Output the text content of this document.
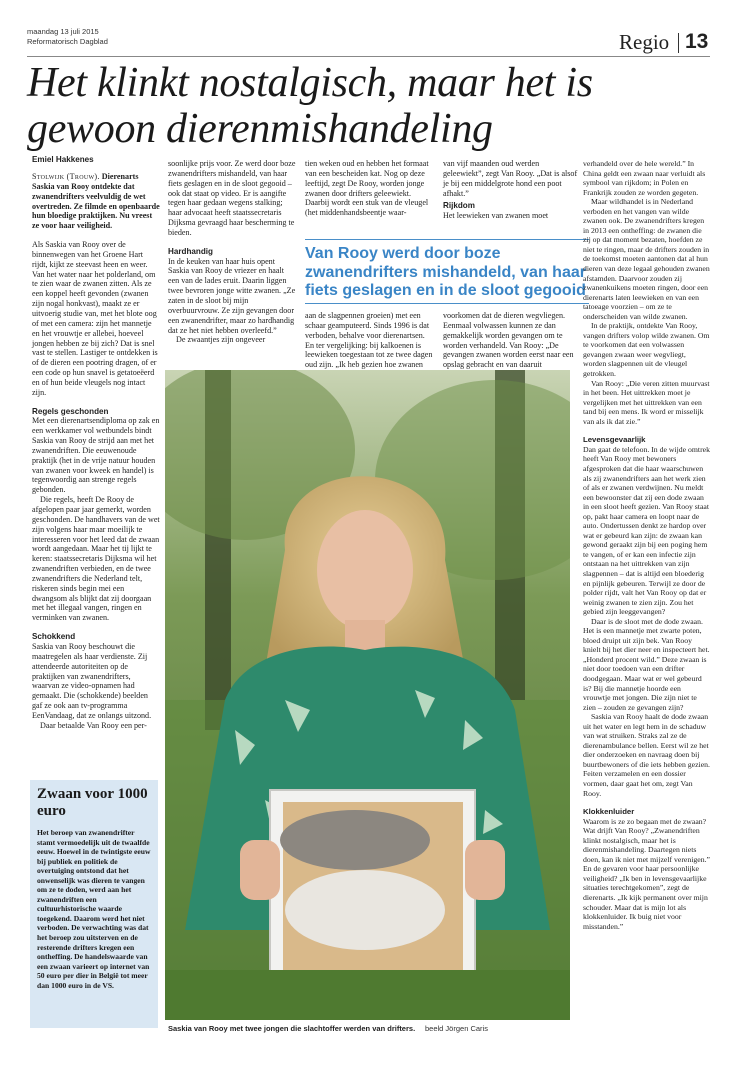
maandag 13 juli 2015
Reformatorisch Dagblad	Regio 13
Het klinkt nostalgisch, maar het is
gewoon dierenmishandeling
Emiel Hakkenes

Stolwijk (Trouw). Dierenarts Saskia van Rooy ontdekte dat zwanendrifters veelvuldig de wet overtreden. Ze filmde en openbaarde hun bloedige praktijken. Nu vreest ze voor haar veiligheid.

Als Saskia van Rooy over de binnenwegen van het Groene Hart rijdt, kijkt ze steevast heen en weer. Van het water naar het polderland, om te zien waar de zwanen zitten. Als ze een koppel heeft gevonden (zwanen zijn nogal honkvast), maakt ze er uitvoerig studie van, met het blote oog of met een camera: zijn het mannetje en het vrouwtje er allebei, hoeveel jongen hebben ze bij zich? Dat is snel vast te stellen. Lastiger te ontdekken is of de dieren een pootring dragen, of er een code op hun snavel is getatoeëerd en of hun beide vleugels nog intact zijn.

Regels geschonden

Met een dierenartsendiploma op zak en een werkkamer vol wetbundels bindt Saskia van Rooy de strijd aan met het zwanendriften. Die eeuwenoude praktijk (het in de vrije natuur houden van zwanen voor kweek en handel) is tegenwoordig aan strenge regels gebonden.

Die regels, heeft De Rooy de afgelopen paar jaar gemerkt, worden geschonden. De handhavers van de wet zijn volgens haar maar moeilijk te interesseren voor het leed dat de zwaan wordt aangedaan. Maar het tij lijkt te keren: staatssecretaris Dijksma wil het zwanendriften verbieden, en de twee zwanendrifters die Nederland telt, riskeren sinds begin mei een dwangsom als blijkt dat zij doorgaan met het illegaal vangen, ringen en verminken van zwanen.

Schokkend

Saskia van Rooy beschouwt die maatregelen als haar verdienste. Zij attendeerde autoriteiten op de praktijken van zwanendrifters, waarvan ze video-opnamen had gemaakt. Die (schokkende) beelden gaf ze ook aan tv-programma EenVandaag, dat ze onlangs uitzond.

Daar betaalde Van Rooy een per-

soonlijke prijs voor. Ze werd door boze zwanendrifters mishandeld, van haar fiets geslagen en in de sloot gegooid – ook dat staat op video. Er is aangifte tegen haar gedaan wegens stalking; haar advocaat heeft staatssecretaris Dijksma gevraagd haar bescherming te bieden.

Hardhandig

In de keuken van haar huis opent Saskia van Rooy de vriezer en haalt een van de lades eruit. Daarin liggen twee bevroren jonge witte zwanen. „Ze zaten in de sloot bij mijn overbuurvrouw. Ze zijn gevangen door een zwanendrifter, maar zo hardhandig dat ze het niet hebben overleefd.”

De zwaantjes zijn ongeveer

tien weken oud en hebben het formaat van een bescheiden kat. Nog op deze leeftijd, zegt De Rooy, worden jonge zwanen door drifters geleewiekt. Daarbij wordt een stuk van de vleugel (het middenhandsbeentje waar-

aan de slagpennen groeien) met een schaar geamputeerd. Sinds 1996 is dat verboden, behalve voor dierenartsen. En ter vergelijking: bij kalkoenen is leewieken toegestaan tot ze twee dagen oud zijn. „Ik heb gezien hoe zwanen

van vijf maanden oud werden geleewiekt”, zegt Van Rooy. „Dat is alsof je bij een middelgrote hond een poot afhakt.”

Rijkdom

Het leewieken van zwanen moet

voorkomen dat de dieren wegvliegen. Eenmaal volwassen kunnen ze dan gemakkelijk worden gevangen om te worden verhandeld. Van Rooy: „De gevangen zwanen worden eerst naar een opslag gebracht en van daaruit

Van Rooy werd door boze zwanendrifters mishandeld, van haar fiets geslagen en in de sloot gegooid

verhandeld over de hele wereld.” In China geldt een zwaan naar verluidt als symbool van rijkdom; in Polen en Frankrijk zouden ze worden gegeten.

Maar wildhandel is in Nederland verboden en het vangen van wilde zwanen ook. De zwanendrifters kregen in 2013 een ontheffing: de zwanen die zij op dat moment bezaten, hoefden ze niet te ringen, maar de drifters zouden in de toekomst moeten aantonen dat al hun dieren van deze legaal gehouden zwanen afstamden. Daarvoor zouden zij zwanenkuikens moeten ringen, door een dierenarts laten leewieken en van een tatoeage voorzien – om ze te onderscheiden van wilde zwanen.

In de praktijk, ontdekte Van Rooy, vangen drifters volop wilde zwanen. Om te voorkomen dat een volwassen gevangen zwaan weer wegvliegt, worden slagpennen uit de vleugel getrokken.

Van Rooy: „Die veren zitten muurvast in het been. Het uittrekken moet je vergelijken met het uittrekken van een tand bij een mens. Ik word er misselijk van als ik dat zie.”

Levensgevaarlijk

Dan gaat de telefoon. In de wijde omtrek heeft Van Rooy met bewoners afgesproken dat die haar waarschuwen als zij zwanendrifters aan het werk zien of als er zwanen verdwijnen. Nu meldt een bewoonster dat zij een dode zwaan in een sloot heeft gezien. Van Rooy staat op, pakt haar camera en loopt naar de auto. Ondertussen denkt ze hardop over wat er gebeurd kan zijn: de zwaan kan gewond geraakt zijn bij een poging hem te vangen, of er kan een infectie zijn ontstaan na het uittrekken van zijn slagpennen – dat is altijd een bloederig en pijnlijk gebeuren. Terwijl ze door de polder rijdt, valt het Van Rooy op dat er weinig zwanen te zien zijn. Zou het gebied zijn leeggevangen?

Daar is de sloot met de dode zwaan. Het is een mannetje met zwarte poten, bloed druipt uit zijn bek. Van Rooy knielt bij het dier neer en inspecteert het. „Honderd procent wild.” Deze zwaan is niet door toedoen van een drifter doodgegaan. Maar wat er wel gebeurd is? Bij die mannetje hoorde een vrouwtje met jongen. Die zijn niet te zien – zouden ze gevangen zijn?

Saskia van Rooy haalt de dode zwaan uit het water en legt hem in de schaduw van wat struiken. Straks zal ze de dierenambulance bellen. Eerst wil ze het dier onderzoeken en navraag doen bij buurtbewoners of die iets hebben gezien. Feiten verzamelen en een dossier vormen, daar gaat het om, zegt Van Rooy.

Klokkenluider

Waarom is ze zo begaan met de zwaan? Wat drijft Van Rooy? „Zwanendriften klinkt nostalgisch, maar het is dierenmishandeling. Daartegen niets doen, kan ik niet met mijzelf verenigen.” En de gevaren voor haar persoonlijke veiligheid? „Ik ben in levensgevaarlijke situaties terechtgekomen”, zegt de dierenarts. „Ik kijk permanent over mijn schouder. Maar dat is mijn lot als klokkenluider. Ik buig niet voor misstanden.”

Saskia van Rooy met twee jongen die slachtoffer werden van drifters. beeld Jörgen Caris
Zwaan voor 1000 euro
Het beroep van zwanendrifter stamt vermoedelijk uit de twaalfde eeuw. Hoewel in de twintigste eeuw bij publiek en politiek de overtuiging ontstond dat het onwenselijk was dieren te vangen om ze te doden, werd aan het zwanendriften een cultuurhistorische waarde toegekend. Daarom werd het niet verboden. De verwachting was dat het beroep zou uitsterven en de resterende drifters kregen een ontheffing. De handelswaarde van een zwaan varieert op internet van 50 euro per dier in België tot meer dan 1000 euro in de VS.
